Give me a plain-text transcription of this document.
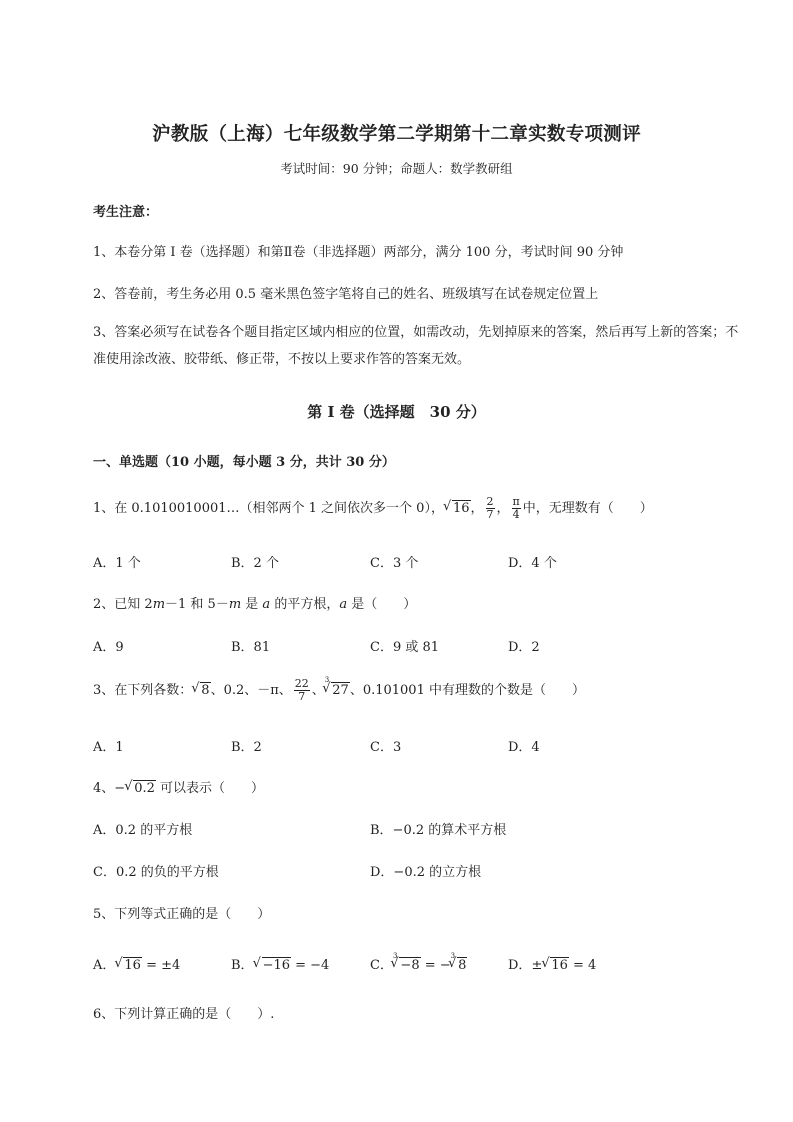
沪教版（上海）七年级数学第二学期第十二章实数专项测评
考试时间：90 分钟；命题人：数学教研组
考生注意：
1、本卷分第 I 卷（选择题）和第Ⅱ卷（非选择题）两部分，满分 100 分，考试时间 90 分钟
2、答卷前，考生务必用 0.5 毫米黑色签字笔将自己的姓名、班级填写在试卷规定位置上
3、答案必须写在试卷各个题目指定区域内相应的位置，如需改动，先划掉原来的答案，然后再写上新的答案；不准使用涂改液、胶带纸、修正带，不按以上要求作答的答案无效。
第 I 卷（选择题　30 分）
一、单选题（10 小题，每小题 3 分，共计 30 分）
1、在 0.1010010001…（相邻两个 1 之间依次多一个 0）， √ 16， $\frac{2}{7}$ ， $\frac{\pi}{4}$ 中，无理数有（　　）
A．1 个	B．2 个	C．3 个	D．4 个
2、已知 2m－1 和 5－m 是 a 的平方根，a 是（　　）
A．9	B．81	C．9 或 81	D．2
3、在下列各数： √ 8、0.2、－π、 $\frac{22}{7}$ 、$^3$√ 27、0.101001 中有理数的个数是（　　）
A．1	B．2	C．3	D．4
4、− √ 0.2 可以表示（　　）
A．0.2 的平方根	B．−0.2 的算术平方根
C．0.2 的负的平方根	D．−0.2 的立方根
5、下列等式正确的是（　　）
A． √ 16 = ±4	B． √ −16 = −4	C．$^3$√ −8 = −$^3$√ 8	D．± √ 16 = 4
6、下列计算正确的是（　　）.
